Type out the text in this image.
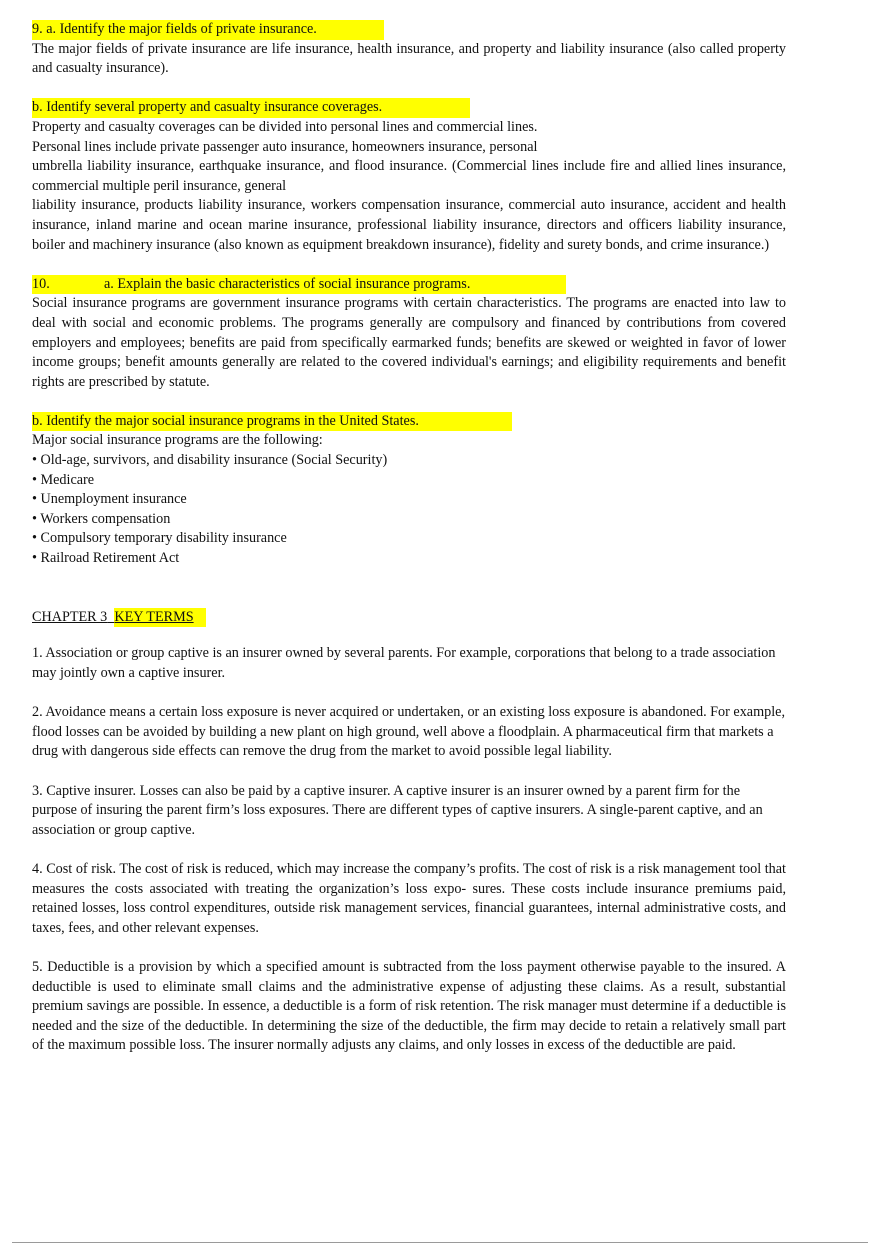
9. a. Identify the major fields of private insurance.
The major fields of private insurance are life insurance, health insurance, and property and liability insurance (also called property and casualty insurance).
b. Identify several property and casualty insurance coverages.
Property and casualty coverages can be divided into personal lines and commercial lines.
Personal lines include private passenger auto insurance, homeowners insurance, personal
umbrella liability insurance, earthquake insurance, and flood insurance. (Commercial lines include fire and allied lines insurance, commercial multiple peril insurance, general
liability insurance, products liability insurance, workers compensation insurance, commercial auto insurance, accident and health insurance, inland marine and ocean marine insurance, professional liability insurance, directors and officers liability insurance, boiler and machinery insurance (also known as equipment breakdown insurance), fidelity and surety bonds, and crime insurance.)
10.	a. Explain the basic characteristics of social insurance programs.
Social insurance programs are government insurance programs with certain characteristics. The programs are enacted into law to deal with social and economic problems. The programs generally are compulsory and financed by contributions from covered employers and employees; benefits are paid from specifically earmarked funds; benefits are skewed or weighted in favor of lower income groups; benefit amounts generally are related to the covered individual's earnings; and eligibility requirements and benefit rights are prescribed by statute.
b. Identify the major social insurance programs in the United States.
Major social insurance programs are the following:
• Old-age, survivors, and disability insurance (Social Security)
• Medicare
• Unemployment insurance
• Workers compensation
• Compulsory temporary disability insurance
• Railroad Retirement Act
CHAPTER 3 KEY TERMS
1. Association or group captive is an insurer owned by several parents. For example, corporations that belong to a trade association may jointly own a captive insurer.
2. Avoidance means a certain loss exposure is never acquired or undertaken, or an existing loss exposure is abandoned. For example, flood losses can be avoided by building a new plant on high ground, well above a floodplain. A pharmaceutical firm that markets a drug with dangerous side effects can remove the drug from the market to avoid possible legal liability.
3. Captive insurer. Losses can also be paid by a captive insurer. A captive insurer is an insurer owned by a parent firm for the purpose of insuring the parent firm’s loss exposures. There are different types of captive insurers. A single-parent captive, and an association or group captive.
4. Cost of risk. The cost of risk is reduced, which may increase the company’s profits. The cost of risk is a risk management tool that measures the costs associated with treating the organization’s loss expo- sures. These costs include insurance premiums paid, retained losses, loss control expenditures, outside risk management services, financial guarantees, internal administrative costs, and taxes, fees, and other relevant expenses.
5. Deductible is a provision by which a specified amount is subtracted from the loss payment otherwise payable to the insured. A deductible is used to eliminate small claims and the administrative expense of adjusting these claims. As a result, substantial premium savings are possible. In essence, a deductible is a form of risk retention. The risk manager must determine if a deductible is needed and the size of the deductible. In determining the size of the deductible, the firm may decide to retain a relatively small part of the maximum possible loss. The insurer normally adjusts any claims, and only losses in excess of the deductible are paid.
